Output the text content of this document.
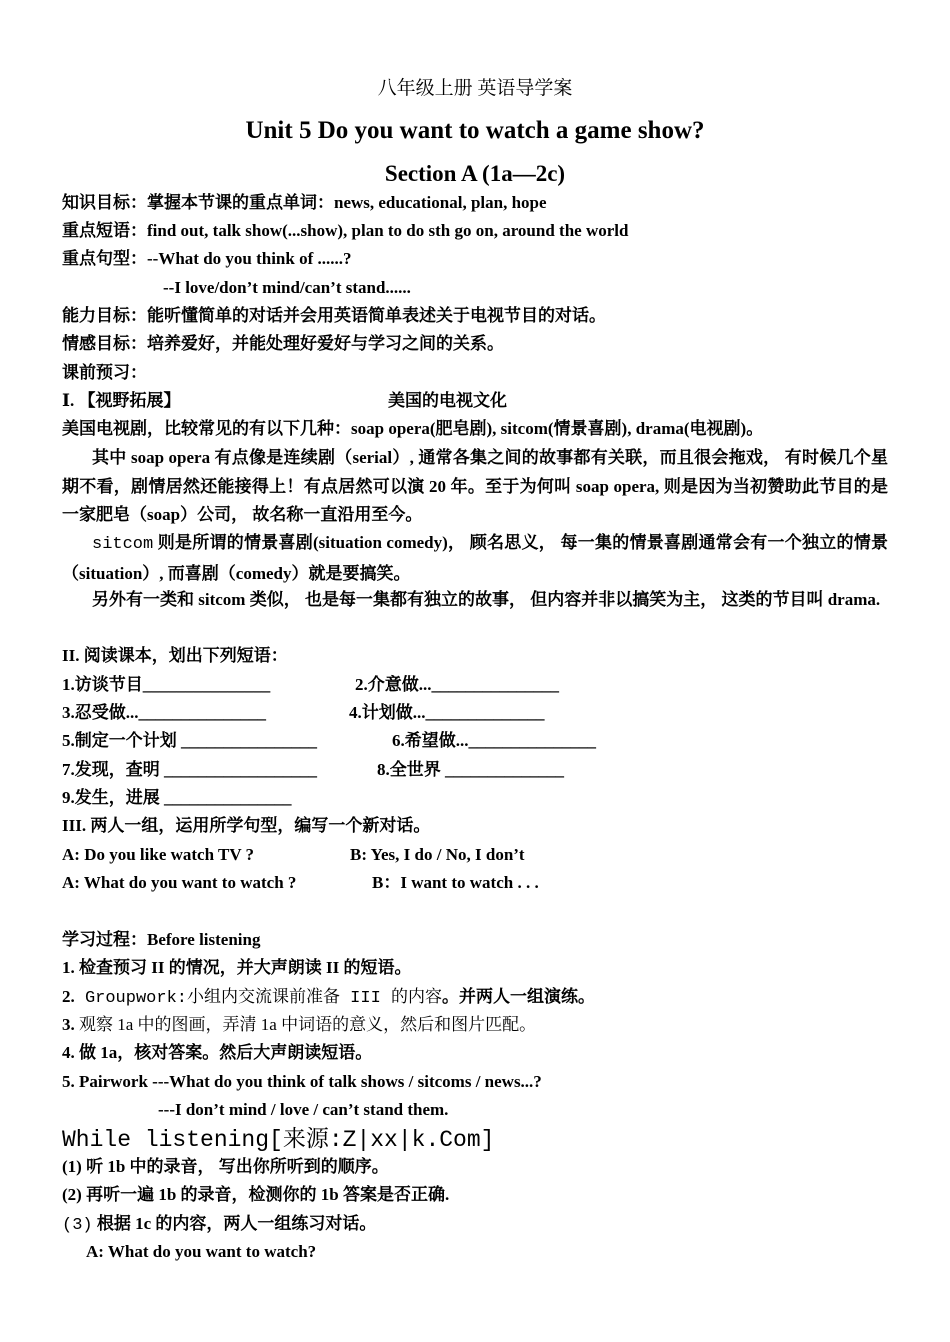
八年级上册 英语导学案
Unit 5 Do you want to watch a game show?
Section A (1a—2c)
知识目标：掌握本节课的重点单词：news, educational, plan, hope
重点短语：find out, talk show(...show), plan to do sth go on, around the world
重点句型：--What do you think of ......?
--I love/don’t mind/can’t stand......
能力目标：能听懂简单的对话并会用英语简单表述关于电视节目的对话。
情感目标：培养爱好，并能处理好爱好与学习之间的关系。
课前预习：
Ⅰ. 【视野拓展】	美国的电视文化
美国电视剧，比较常见的有以下几种：soap opera(肥皂剧), sitcom(情景喜剧), drama(电视剧)。
其中 soap opera 有点像是连续剧（serial）, 通常各集之间的故事都有关联，而且很会拖戏， 有时候几个星期不看，剧情居然还能接得上！有点居然可以演 20 年。至于为何叫 soap opera, 则是因为当初赞助此节目的是一家肥皂（soap）公司， 故名称一直沿用至今。
sitcom 则是所谓的情景喜剧(situation comedy)， 顾名思义， 每一集的情景喜剧通常会有一个独立的情景（situation）, 而喜剧（comedy）就是要搞笑。
另外有一类和 sitcom 类似， 也是每一集都有独立的故事， 但内容并非以搞笑为主， 这类的节目叫 drama.
II. 阅读课本，划出下列短语：
1.访谈节目_______________	2.介意做..._______________
3.忍受做..._______________	4.计划做...______________
5.制定一个计划 ________________	6.希望做..._______________
7.发现，查明 __________________	8.全世界 ______________
9.发生，进展 _______________
III. 两人一组，运用所学句型，编写一个新对话。
A: Do you like watch TV ?	B: Yes, I do / No, I don’t
A: What do you want to watch ?	B：I want to watch . . .
学习过程：Before listening
1. 检查预习 II 的情况，并大声朗读 II 的短语。
2. Groupwork:小组内交流课前准备 III 的内容。并两人一组演练。
3. 观察 1a 中的图画，弄清 1a 中词语的意义，然后和图片匹配。
4. 做 1a，核对答案。然后大声朗读短语。
5. Pairwork ---What do you think of talk shows / sitcoms / news...?
---I don’t mind / love / can’t stand them.
While listening[来源:Z|xx|k.Com]
(1) 听 1b 中的录音， 写出你所听到的顺序。
(2) 再听一遍 1b 的录音，检测你的 1b 答案是否正确.
(3) 根据 1c 的内容，两人一组练习对话。
A: What do you want to watch?
